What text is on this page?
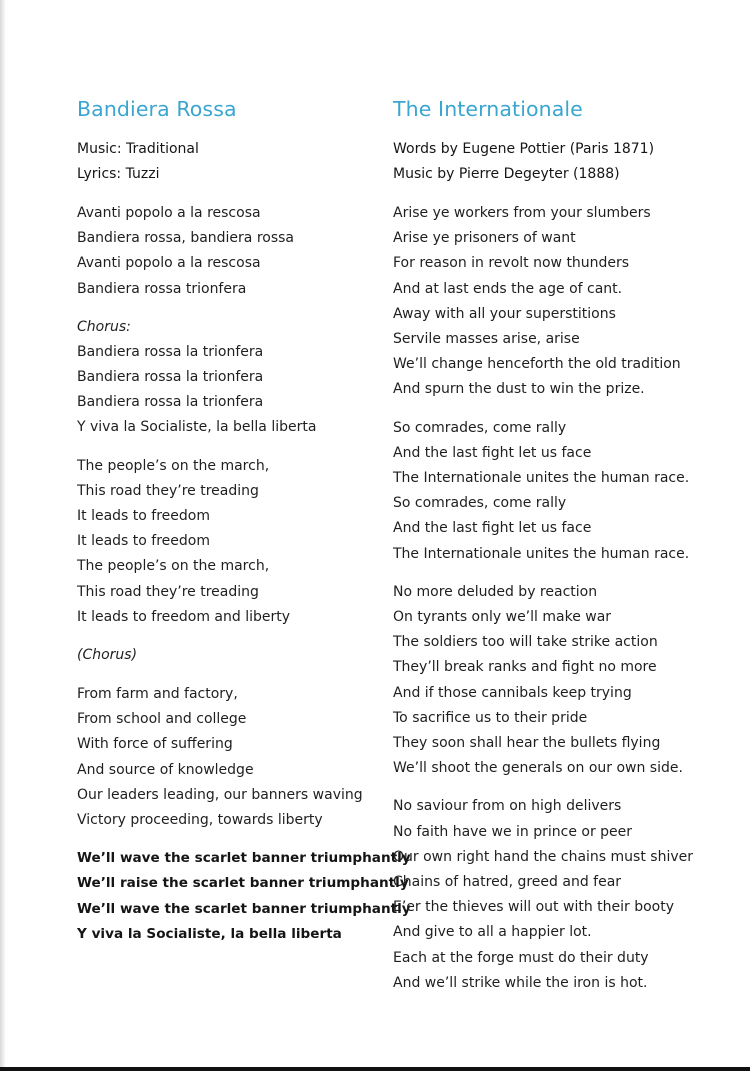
Bandiera Rossa
Music: Traditional
Lyrics: Tuzzi
Avanti popolo a la rescosa
Bandiera rossa, bandiera rossa
Avanti popolo a la rescosa
Bandiera rossa trionfera
Chorus:
Bandiera rossa la trionfera
Bandiera rossa la trionfera
Bandiera rossa la trionfera
Y viva la Socialiste, la bella liberta
The people’s on the march,
This road they’re treading
It leads to freedom
It leads to freedom
The people’s on the march,
This road they’re treading
It leads to freedom and liberty
(Chorus)
From farm and factory,
From school and college
With force of suffering
And source of knowledge
Our leaders leading, our banners waving
Victory proceeding, towards liberty
We’ll wave the scarlet banner triumphantly
We’ll raise the scarlet banner triumphantly
We’ll wave the scarlet banner triumphantly
Y viva la Socialiste, la bella liberta
The Internationale
Words by Eugene Pottier (Paris 1871)
Music by Pierre Degeyter (1888)
Arise ye workers from your slumbers
Arise ye prisoners of want
For reason in revolt now thunders
And at last ends the age of cant.
Away with all your superstitions
Servile masses arise, arise
We’ll change henceforth the old tradition
And spurn the dust to win the prize.
So comrades, come rally
And the last fight let us face
The Internationale unites the human race.
So comrades, come rally
And the last fight let us face
The Internationale unites the human race.
No more deluded by reaction
On tyrants only we’ll make war
The soldiers too will take strike action
They’ll break ranks and fight no more
And if those cannibals keep trying
To sacrifice us to their pride
They soon shall hear the bullets flying
We’ll shoot the generals on our own side.
No saviour from on high delivers
No faith have we in prince or peer
Our own right hand the chains must shiver
Chains of hatred, greed and fear
E’er the thieves will out with their booty
And give to all a happier lot.
Each at the forge must do their duty
And we’ll strike while the iron is hot.
